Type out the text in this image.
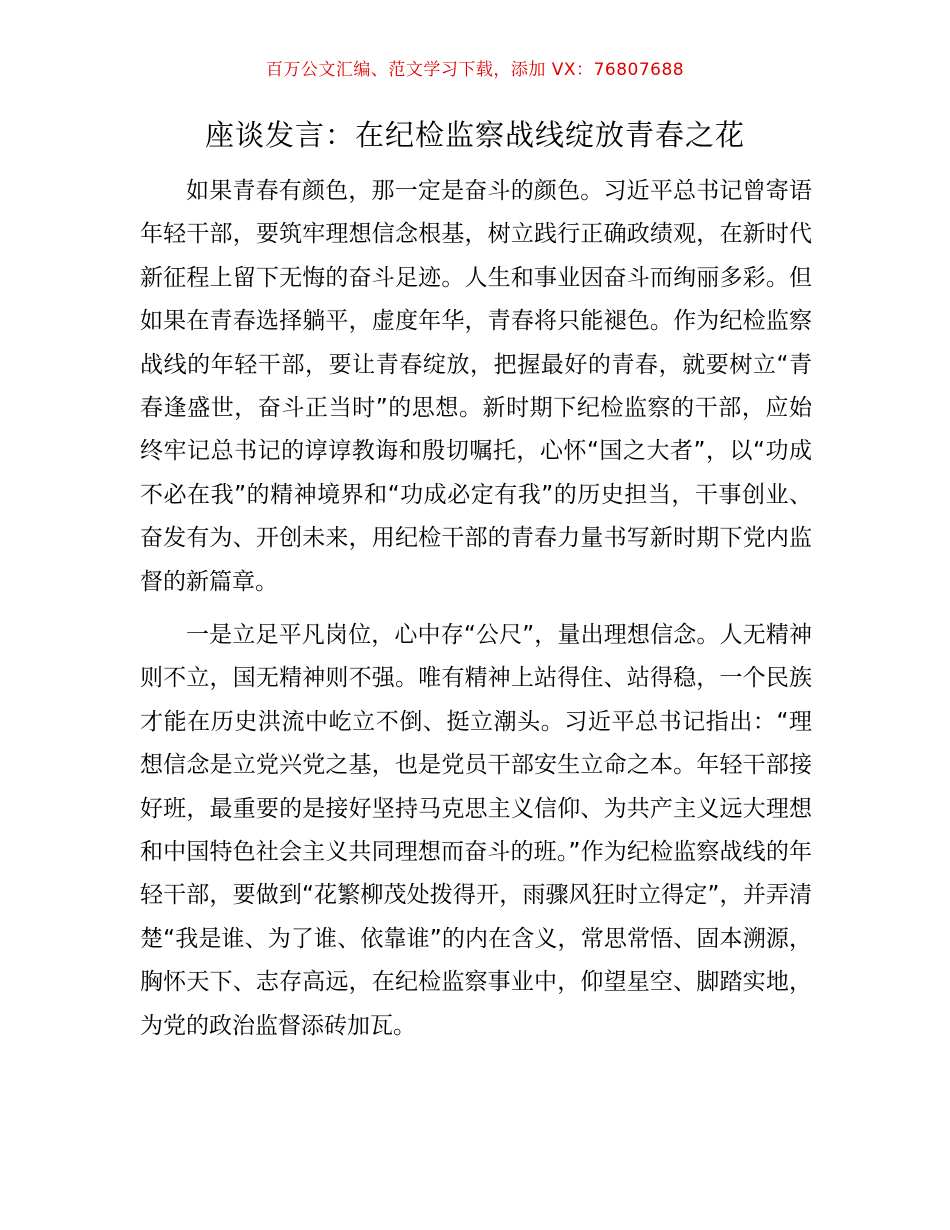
百万公文汇编、范文学习下载，添加 VX：76807688
座谈发言：在纪检监察战线绽放青春之花

如果青春有颜色，那一定是奋斗的颜色。习近平总书记曾寄语年轻干部，要筑牢理想信念根基，树立践行正确政绩观，在新时代新征程上留下无悔的奋斗足迹。人生和事业因奋斗而绚丽多彩。但如果在青春选择躺平，虚度年华，青春将只能褪色。作为纪检监察战线的年轻干部，要让青春绽放，把握最好的青春，就要树立“青春逢盛世，奋斗正当时”的思想。新时期下纪检监察的干部，应始终牢记总书记的谆谆教诲和殷切嘱托，心怀“国之大者”，以“功成不必在我”的精神境界和“功成必定有我”的历史担当，干事创业、奋发有为、开创未来，用纪检干部的青春力量书写新时期下党内监督的新篇章。

一是立足平凡岗位，心中存“公尺”，量出理想信念。人无精神则不立，国无精神则不强。唯有精神上站得住、站得稳，一个民族才能在历史洪流中屹立不倒、挺立潮头。习近平总书记指出：“理想信念是立党兴党之基，也是党员干部安生立命之本。年轻干部接好班，最重要的是接好坚持马克思主义信仰、为共产主义远大理想和中国特色社会主义共同理想而奋斗的班。”作为纪检监察战线的年轻干部，要做到“花繁柳茂处拨得开，雨骤风狂时立得定”，并弄清楚“我是谁、为了谁、依靠谁”的内在含义，常思常悟、固本溯源，胸怀天下、志存高远，在纪检监察事业中，仰望星空、脚踏实地，为党的政治监督添砖加瓦。
